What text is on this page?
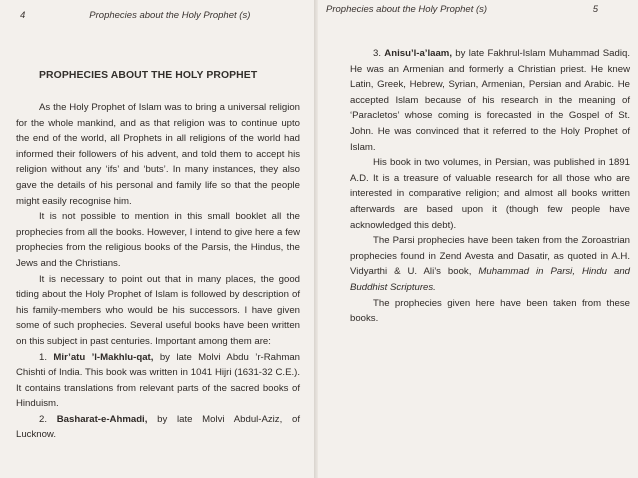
4	Prophecies about the Holy Prophet (s)
PROPHECIES ABOUT THE HOLY PROPHET

As the Holy Prophet of Islam was to bring a universal religion for the whole mankind, and as that religion was to continue upto the end of the world, all Prophets in all religions of the world had informed their followers of his advent, and told them to accept his religion without any ‘ifs’ and ‘buts’. In many instances, they also gave the details of his personal and family life so that the people might easily recognise him.

It is not possible to mention in this small booklet all the prophecies from all the books. However, I intend to give here a few prophecies from the religious books of the Parsis, the Hindus, the Jews and the Christians.

It is necessary to point out that in many places, the good tiding about the Holy Prophet of Islam is followed by description of his family-members who would be his successors. I have given some of such prophecies. Several useful books have been written on this subject in past centuries. Important among them are:

1. Mir’atu ’l-Makhlu-qat, by late Molvi Abdu ’r-Rahman Chishti of India. This book was written in 1041 Hijri (1631-32 C.E.). It contains translations from relevant parts of the sacred books of Hinduism.

2. Basharat-e-Ahmadi, by late Molvi Abdul-Aziz, of Lucknow.

Prophecies about the Holy Prophet (s)	5

3. Anisu’l-a’laam, by late Fakhrul-Islam Muhammad Sadiq. He was an Armenian and formerly a Christian priest. He knew Latin, Greek, Hebrew, Syrian, Armenian, Persian and Arabic. He accepted Islam because of his research in the meaning of ‘Paracletos’ whose coming is forecasted in the Gospel of St. John. He was convinced that it referred to the Holy Prophet of Islam.

His book in two volumes, in Persian, was published in 1891 A.D. It is a treasure of valuable research for all those who are interested in comparative religion; and almost all books written afterwards are based upon it (though few people have acknowledged this debt).

The Parsi prophecies have been taken from the Zoroastrian prophecies found in Zend Avesta and Dasatir, as quoted in A.H. Vidyarthi & U. Ali’s book, Muhammad in Parsi, Hindu and Buddhist Scriptures.

The prophecies given here have been taken from these books.
